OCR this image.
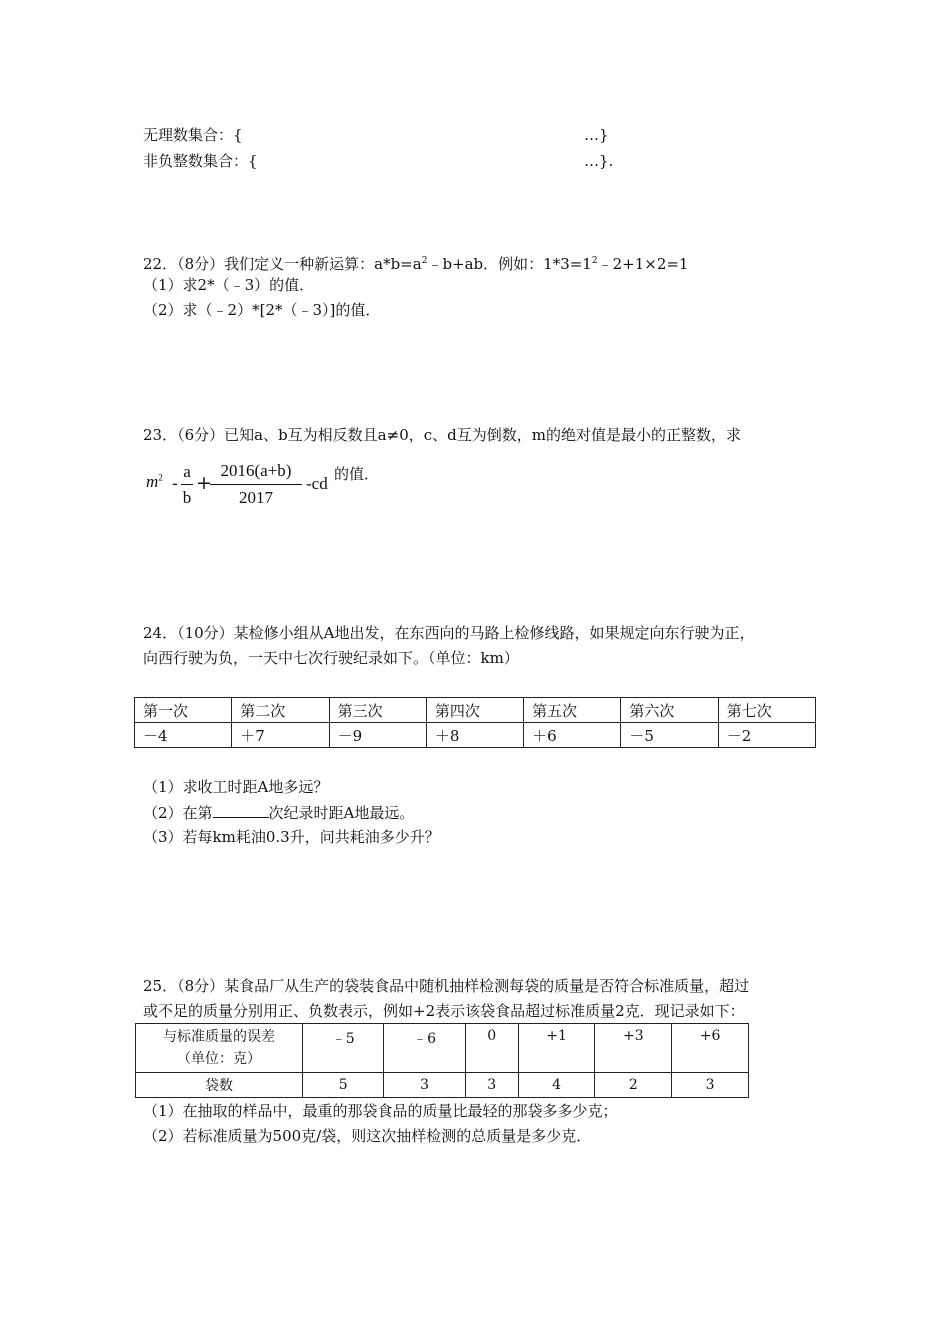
无理数集合：{	…}
非负整数集合：{	…}.
22．（8分）我们定义一种新运算：$a*b=a^2﹣b+ab$．例如：$1*3=1^2﹣2+1\times 2=1$
（1）求2*（﹣3）的值．
（2）求（﹣2）*[2*（﹣3）]的值．
23．（6分）已知a、b互为相反数且a≠0，c、d互为倒数，m的绝对值是最小的正整数，求
$m^2$ -
a
b
+
2016(a+b)
2017
-cd 的值．
24．（10分）某检修小组从A地出发，在东西向的马路上检修线路，如果规定向东行驶为正，
向西行驶为负，一天中七次行驶纪录如下。（单位：km）
第一次	第二次	第三次	第四次	第五次	第六次	第七次
－4	＋7	－9	＋8	＋6	－5	－2
（1）求收工时距A地多远？
（2）在第	次纪录时距A地最远。
（3）若每km耗油0.3升，问共耗油多少升？
25．（8分）某食品厂从生产的袋装食品中随机抽样检测每袋的质量是否符合标准质量，超过
或不足的质量分别用正、负数表示，例如+2表示该袋食品超过标准质量2克．现记录如下：
与标准质量的误差
（单位：克）	﹣5	﹣6	0	+1	+3	+6
袋数	5	3	3	4	2	3
（1）在抽取的样品中，最重的那袋食品的质量比最轻的那袋多多少克；
（2）若标准质量为500克/袋，则这次抽样检测的总质量是多少克．
